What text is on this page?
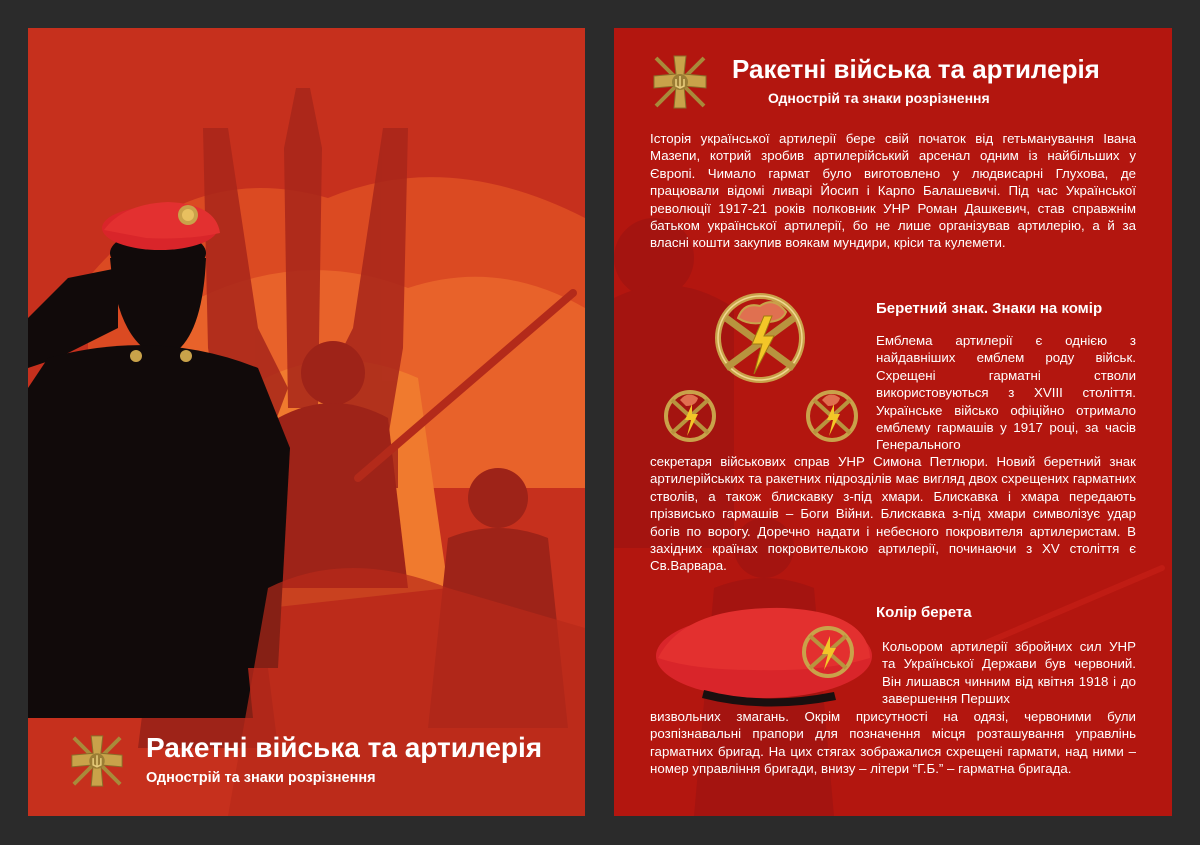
Ракетні війська та артилерія
Однострій та знаки розрізнення
Ракетні війська та артилерія
Однострій та знаки розрізнення

Історія української артилерії бере свій початок від гетьманування Івана Мазепи, котрий зробив артилерійський арсенал одним із найбільших у Європі. Чимало гармат було виготовлено у людвисарні Глухова, де працювали відомі ливарі Йосип і Карпо Балашевичі. Під час Української революції 1917-21 років полковник УНР Роман Дашкевич, став справжнім батьком української артилерії, бо не лише організував артилерію, а й за власні кошти закупив воякам мундири, кріси та кулемети.

Беретний знак. Знаки на комір

Емблема артилерії є однією з найдавніших емблем роду військ. Схрещені гарматні стволи використовуються з XVIII століття. Українське військо офіційно отримало емблему гармашів у 1917 році, за часів Генерального

секретаря військових справ УНР Симона Петлюри. Новий беретний знак артилерійських та ракетних підрозділів має вигляд двох схрещених гарматних стволів, а також блискавку з-під хмари. Блискавка і хмара передають прізвисько гармашів – Боги Війни. Блискавка з-під хмари символізує удар богів по ворогу. Доречно надати і небесного покровителя артилеристам. В західних країнах покровителькою артилерії, починаючи з XV століття є Св.Варвара.

Колір берета

Кольором артилерії збройних сил УНР та Української Держави був червоний. Він лишався чинним від квітня 1918 і до завершення Перших

визвольних змагань. Окрім присутності на одязі, червоними були розпізнавальні прапори для позначення місця розташування управлінь гарматних бригад. На цих стягах зображалися схрещені гармати, над ними – номер управління бригади, внизу – літери “Г.Б.” – гарматна бригада.
